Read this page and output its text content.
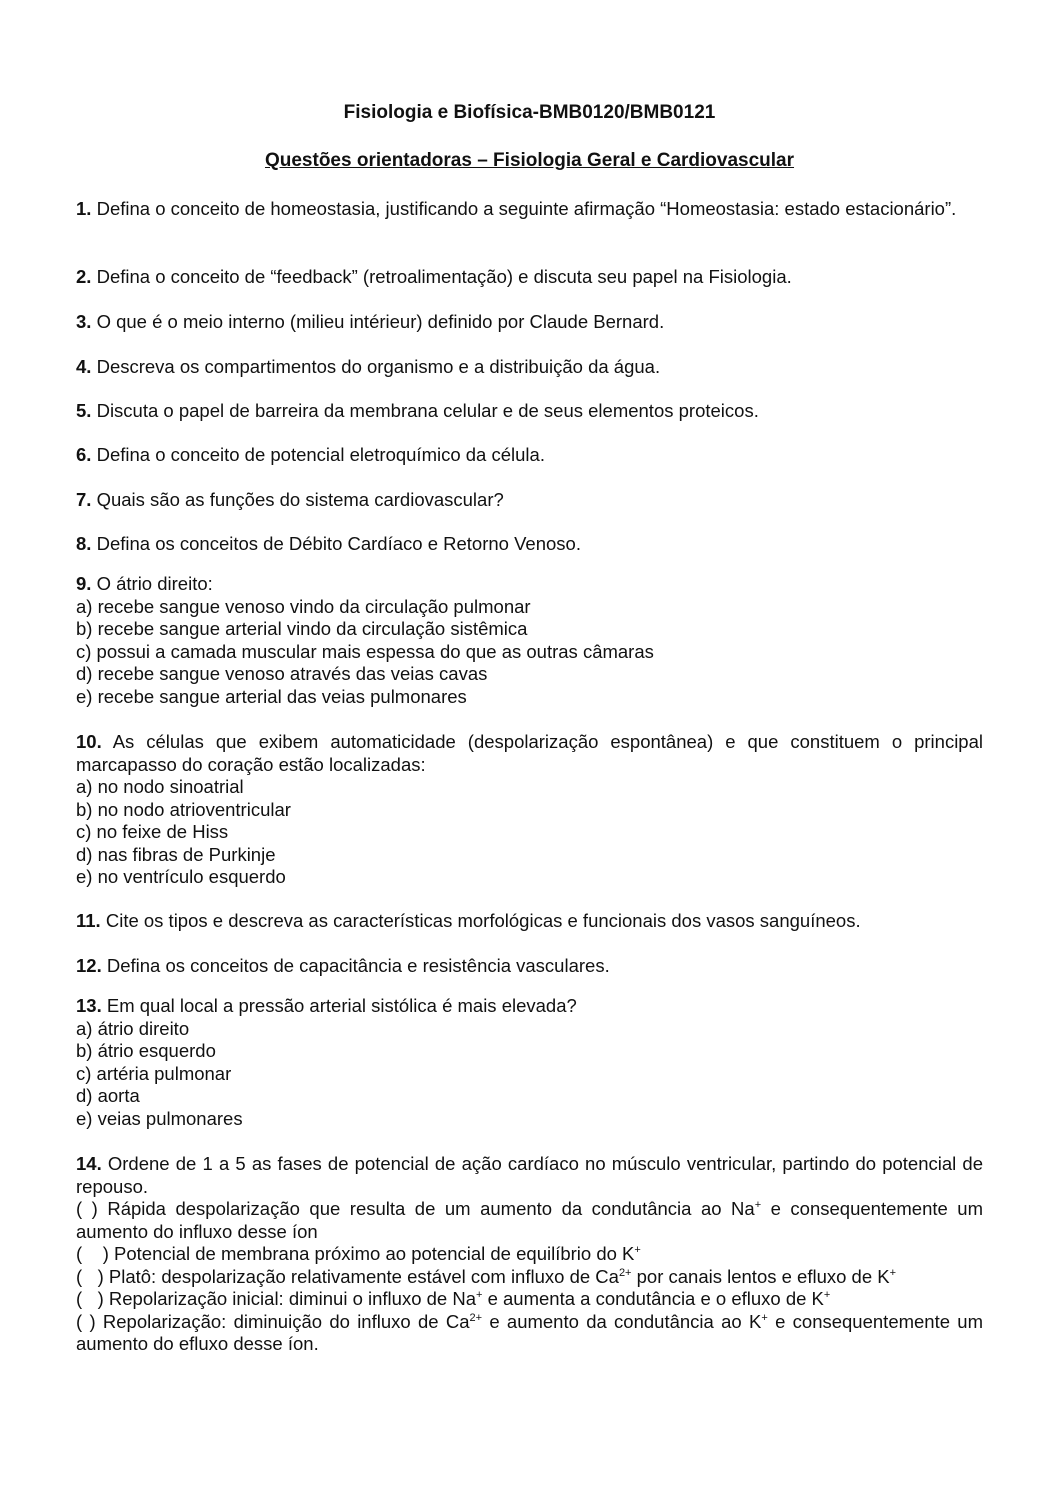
Fisiologia e Biofísica-BMB0120/BMB0121
Questões orientadoras – Fisiologia Geral e Cardiovascular

1. Defina o conceito de homeostasia, justificando a seguinte afirmação “Homeostasia: estado estacionário”.

2. Defina o conceito de “feedback” (retroalimentação) e discuta seu papel na Fisiologia.

3. O que é o meio interno (milieu intérieur) definido por Claude Bernard.

4. Descreva os compartimentos do organismo e a distribuição da água.

5. Discuta o papel de barreira da membrana celular e de seus elementos proteicos.

6. Defina o conceito de potencial eletroquímico da célula.

7. Quais são as funções do sistema cardiovascular?

8. Defina os conceitos de Débito Cardíaco e Retorno Venoso.

9. O átrio direito:

a) recebe sangue venoso vindo da circulação pulmonar

b) recebe sangue arterial vindo da circulação sistêmica

c) possui a camada muscular mais espessa do que as outras câmaras

d) recebe sangue venoso através das veias cavas

e) recebe sangue arterial das veias pulmonares

10. As células que exibem automaticidade (despolarização espontânea) e que constituem o principal marcapasso do coração estão localizadas:

a) no nodo sinoatrial

b) no nodo atrioventricular

c) no feixe de Hiss

d) nas fibras de Purkinje

e) no ventrículo esquerdo

11. Cite os tipos e descreva as características morfológicas e funcionais dos vasos sanguíneos.

12. Defina os conceitos de capacitância e resistência vasculares.

13. Em qual local a pressão arterial sistólica é mais elevada?

a) átrio direito

b) átrio esquerdo

c) artéria pulmonar

d) aorta

e) veias pulmonares

14. Ordene de 1 a 5 as fases de potencial de ação cardíaco no músculo ventricular, partindo do potencial de repouso.

( ) Rápida despolarização que resulta de um aumento da condutância ao Na+ e consequentemente um aumento do influxo desse íon

(    ) Potencial de membrana próximo ao potencial de equilíbrio do K+

(   ) Platô: despolarização relativamente estável com influxo de $Ca^{2+}$ por canais lentos e efluxo de K+

(   ) Repolarização inicial: diminui o influxo de Na+ e aumenta a condutância e o efluxo de K+

( ) Repolarização: diminuição do influxo de $Ca^{2+}$ e aumento da condutância ao K+ e consequentemente um aumento do efluxo desse íon.
